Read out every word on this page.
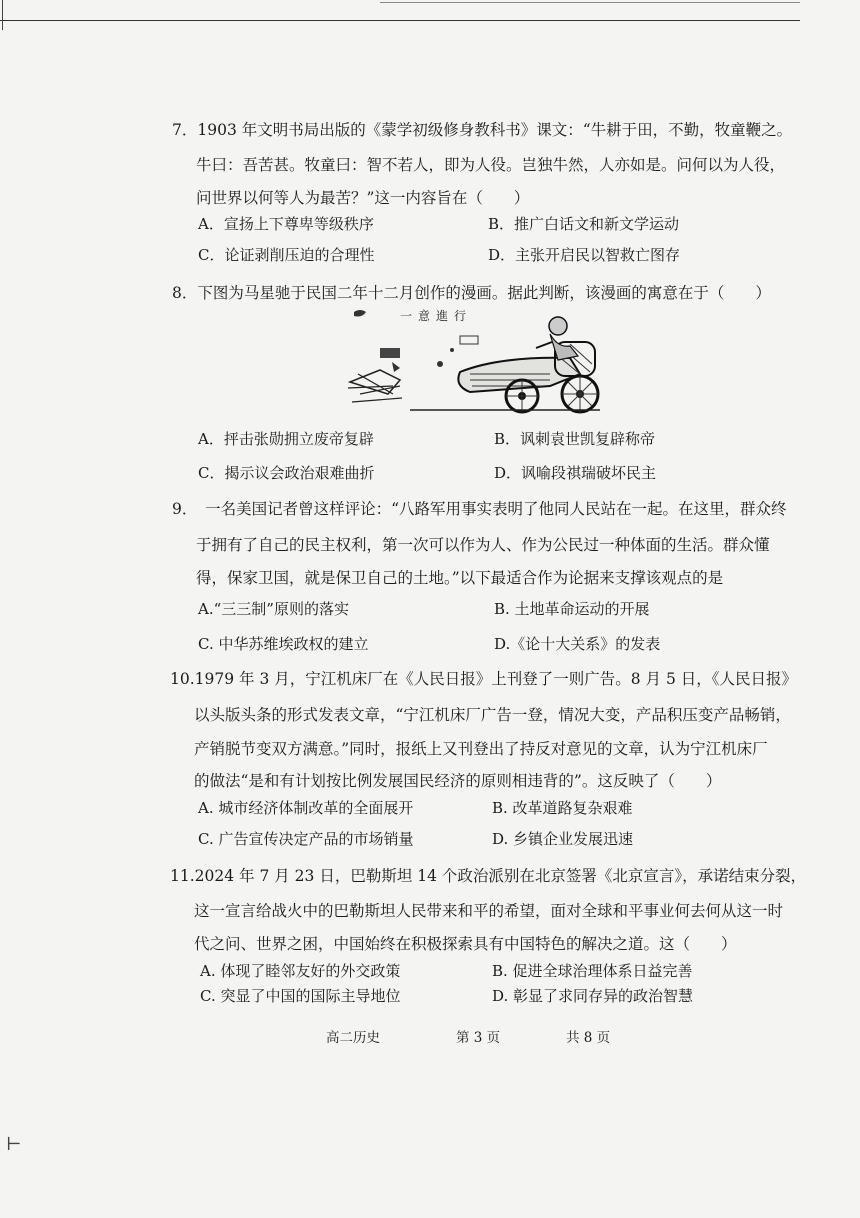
7．1903 年文明书局出版的《蒙学初级修身教科书》课文：“牛耕于田，不勤，牧童鞭之。
牛曰：吾苦甚。牧童曰：智不若人，即为人役。岂独牛然，人亦如是。问何以为人役，
问世界以何等人为最苦？”这一内容旨在（　　）
A．宣扬上下尊卑等级秩序	B．推广白话文和新文学运动
C．论证剥削压迫的合理性	D．主张开启民以智救亡图存
8．下图为马星驰于民国二年十二月创作的漫画。据此判断，该漫画的寓意在于（　　）
一意進行
A．抨击张勋拥立废帝复辟	B．讽刺袁世凯复辟称帝
C．揭示议会政治艰难曲折	D．讽喻段祺瑞破坏民主
9．　一名美国记者曾这样评论：“八路军用事实表明了他同人民站在一起。在这里，群众终
于拥有了自己的民主权利，第一次可以作为人、作为公民过一种体面的生活。群众懂
得，保家卫国，就是保卫自己的土地。”以下最适合作为论据来支撑该观点的是
A.“三三制”原则的落实	B. 土地革命运动的开展
C. 中华苏维埃政权的建立	D.《论十大关系》的发表
10.1979 年 3 月，宁江机床厂在《人民日报》上刊登了一则广告。8 月 5 日，《人民日报》
以头版头条的形式发表文章，“宁江机床厂广告一登，情况大变，产品积压变产品畅销，
产销脱节变双方满意。”同时，报纸上又刊登出了持反对意见的文章，认为宁江机床厂
的做法“是和有计划按比例发展国民经济的原则相违背的”。这反映了（　　）
A. 城市经济体制改革的全面展开	B. 改革道路复杂艰难
C. 广告宣传决定产品的市场销量	D. 乡镇企业发展迅速
11.2024 年 7 月 23 日，巴勒斯坦 14 个政治派别在北京签署《北京宣言》，承诺结束分裂，
这一宣言给战火中的巴勒斯坦人民带来和平的希望，面对全球和平事业何去何从这一时
代之问、世界之困，中国始终在积极探索具有中国特色的解决之道。这（　　）
A. 体现了睦邻友好的外交政策	B. 促进全球治理体系日益完善
C. 突显了中国的国际主导地位	D. 彰显了求同存异的政治智慧
高二历史	第 3 页	共 8 页
⊢
